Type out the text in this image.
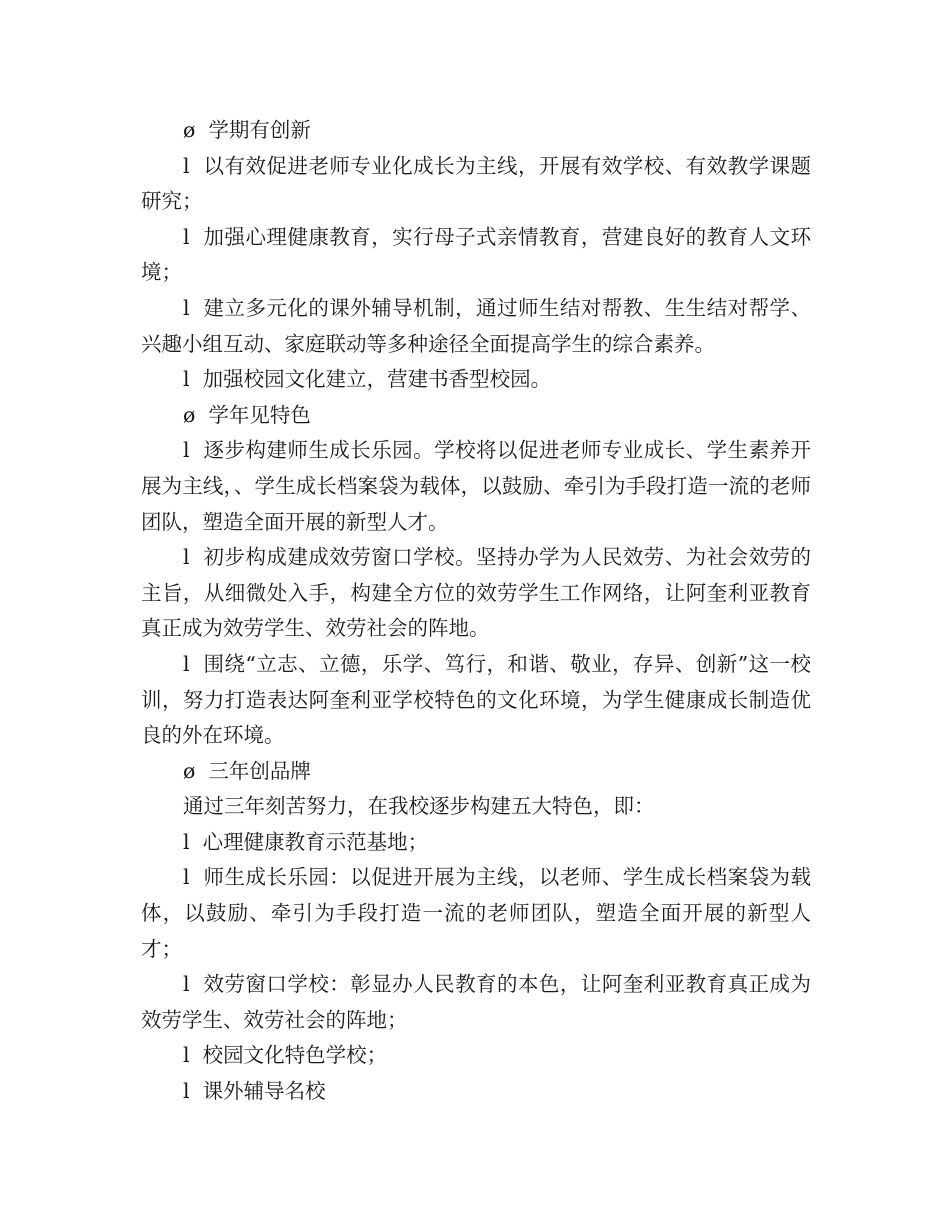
ø  学期有创新

l  以有效促进老师专业化成长为主线，开展有效学校、有效教学课题研究；

l  加强心理健康教育，实行母子式亲情教育，营建良好的教育人文环境；

l  建立多元化的课外辅导机制，通过师生结对帮教、生生结对帮学、兴趣小组互动、家庭联动等多种途径全面提高学生的综合素养。

l  加强校园文化建立，营建书香型校园。

ø  学年见特色

l  逐步构建师生成长乐园。学校将以促进老师专业成长、学生素养开展为主线，、学生成长档案袋为载体，以鼓励、牵引为手段打造一流的老师团队，塑造全面开展的新型人才。

l  初步构成建成效劳窗口学校。坚持办学为人民效劳、为社会效劳的主旨，从细微处入手，构建全方位的效劳学生工作网络，让阿奎利亚教育真正成为效劳学生、效劳社会的阵地。

l  围绕“立志、立德，乐学、笃行，和谐、敬业，存异、创新”这一校训，努力打造表达阿奎利亚学校特色的文化环境，为学生健康成长制造优良的外在环境。

ø  三年创品牌

通过三年刻苦努力，在我校逐步构建五大特色，即：

l  心理健康教育示范基地；

l  师生成长乐园：以促进开展为主线，以老师、学生成长档案袋为载体，以鼓励、牵引为手段打造一流的老师团队，塑造全面开展的新型人才；

l  效劳窗口学校：彰显办人民教育的本色，让阿奎利亚教育真正成为效劳学生、效劳社会的阵地；

l  校园文化特色学校；

l  课外辅导名校
